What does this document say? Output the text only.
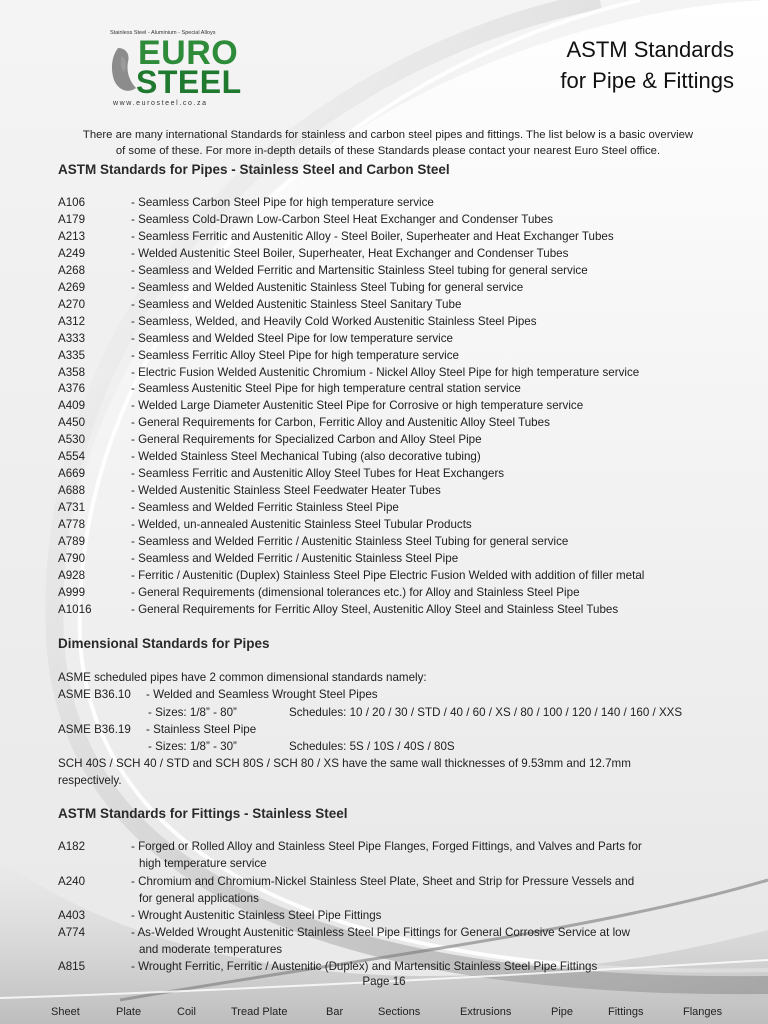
Stainless Steel - Aluminium - Special Alloys
EURO
STEEL
www.eurosteel.co.za
ASTM Standards
for Pipe & Fittings
There are many international Standards for stainless and carbon steel pipes and fittings. The list below is a basic overview
of some of these. For more in-depth details of these Standards please contact your nearest Euro Steel office.
ASTM Standards for Pipes - Stainless Steel and Carbon Steel
A106	- Seamless Carbon Steel Pipe for high temperature service
A179	- Seamless Cold-Drawn Low-Carbon Steel Heat Exchanger and Condenser Tubes
A213	- Seamless Ferritic and Austenitic Alloy - Steel Boiler, Superheater and Heat Exchanger Tubes
A249	- Welded Austenitic Steel Boiler, Superheater, Heat Exchanger and Condenser Tubes
A268	- Seamless and Welded Ferritic and Martensitic Stainless Steel tubing for general service
A269	- Seamless and Welded Austenitic Stainless Steel Tubing for general service
A270	- Seamless and Welded Austenitic Stainless Steel Sanitary Tube
A312	- Seamless, Welded, and Heavily Cold Worked Austenitic Stainless Steel Pipes
A333	- Seamless and Welded Steel Pipe for low temperature service
A335	- Seamless Ferritic Alloy Steel Pipe for high temperature service
A358	- Electric Fusion Welded Austenitic Chromium - Nickel Alloy Steel Pipe for high temperature service
A376	- Seamless Austenitic Steel Pipe for high temperature central station service
A409	- Welded Large Diameter Austenitic Steel Pipe for Corrosive or high temperature service
A450	- General Requirements for Carbon, Ferritic Alloy and Austenitic Alloy Steel Tubes
A530	- General Requirements for Specialized Carbon and Alloy Steel Pipe
A554	- Welded Stainless Steel Mechanical Tubing (also decorative tubing)
A669	- Seamless Ferritic and Austenitic Alloy Steel Tubes for Heat Exchangers
A688	- Welded Austenitic Stainless Steel Feedwater Heater Tubes
A731	- Seamless and Welded Ferritic Stainless Steel Pipe
A778	- Welded, un-annealed Austenitic Stainless Steel Tubular Products
A789	- Seamless and Welded Ferritic / Austenitic Stainless Steel Tubing for general service
A790	- Seamless and Welded Ferritic / Austenitic Stainless Steel Pipe
A928	- Ferritic / Austenitic (Duplex) Stainless Steel Pipe Electric Fusion Welded with addition of filler metal
A999	- General Requirements (dimensional tolerances etc.) for Alloy and Stainless Steel Pipe
A1016	- General Requirements for Ferritic Alloy Steel, Austenitic Alloy Steel and Stainless Steel Tubes
Dimensional Standards for Pipes
ASME scheduled pipes have 2 common dimensional standards namely:
ASME B36.10 - Welded and Seamless Wrought Steel Pipes
- Sizes: 1/8” - 80”	Schedules: 10 / 20 / 30 / STD / 40 / 60 / XS / 80 / 100 / 120 / 140 / 160 / XXS
ASME B36.19 - Stainless Steel Pipe
- Sizes: 1/8” - 30”	Schedules: 5S / 10S / 40S / 80S
SCH 40S / SCH 40 / STD and SCH 80S / SCH 80 / XS have the same wall thicknesses of 9.53mm and 12.7mm
respectively.
ASTM Standards for Fittings - Stainless Steel
A182	- Forged or Rolled Alloy and Stainless Steel Pipe Flanges, Forged Fittings, and Valves and Parts for
high temperature service
A240	- Chromium and Chromium-Nickel Stainless Steel Plate, Sheet and Strip for Pressure Vessels and
for general applications
A403	- Wrought Austenitic Stainless Steel Pipe Fittings
A774	- As-Welded Wrought Austenitic Stainless Steel Pipe Fittings for General Corrosive Service at low
and moderate temperatures
A815	- Wrought Ferritic, Ferritic / Austenitic (Duplex) and Martensitic Stainless Steel Pipe Fittings
Page 16
Sheet	Plate	Coil	Tread Plate	Bar	Sections	Extrusions	Pipe	Fittings	Flanges
